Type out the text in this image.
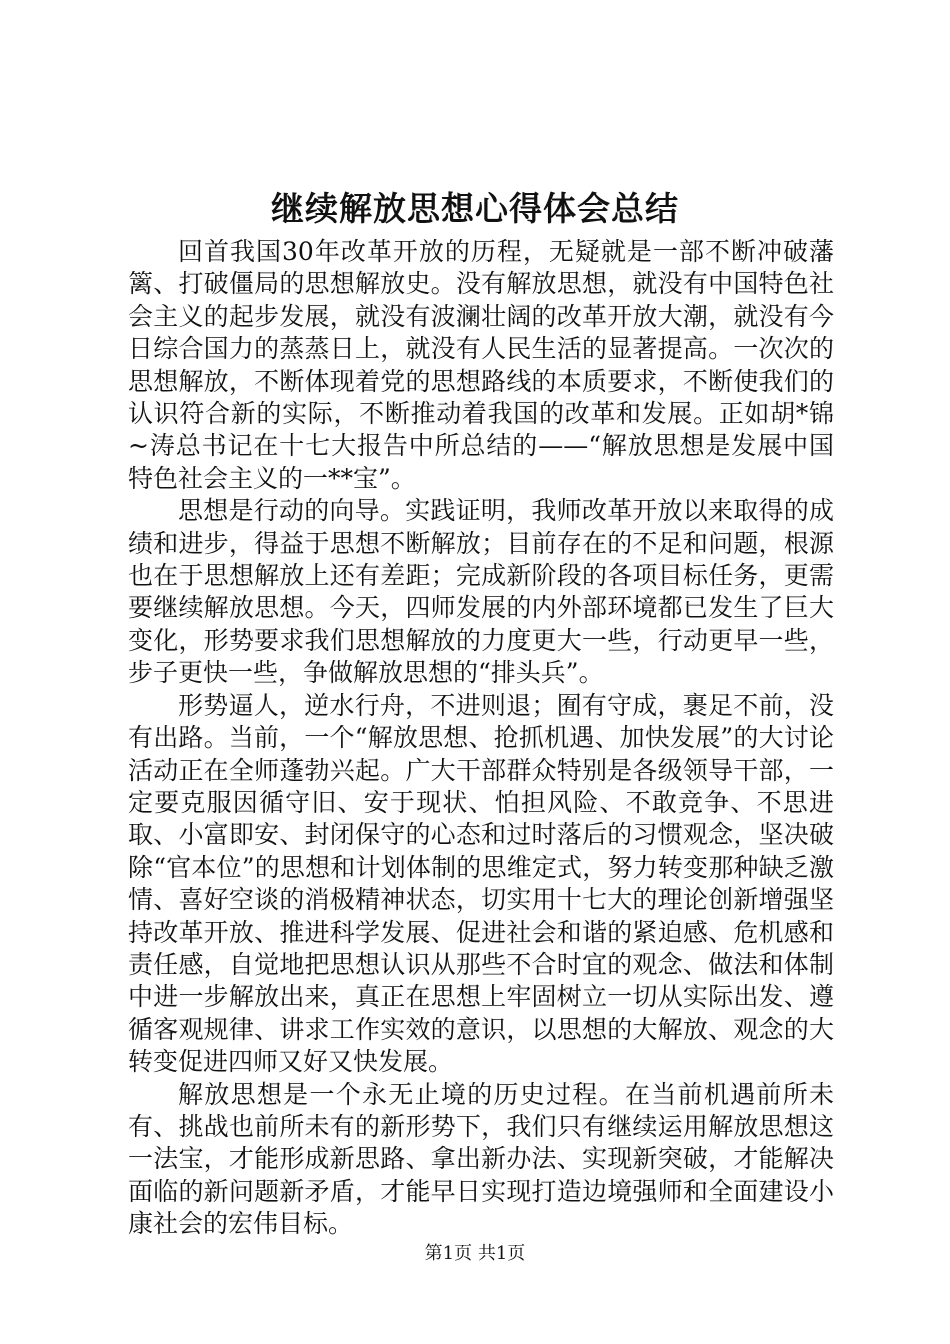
继续解放思想心得体会总结

回首我国30年改革开放的历程，无疑就是一部不断冲破藩篱、打破僵局的思想解放史。没有解放思想，就没有中国特色社会主义的起步发展，就没有波澜壮阔的改革开放大潮，就没有今日综合国力的蒸蒸日上，就没有人民生活的显著提高。一次次的思想解放，不断体现着党的思想路线的本质要求，不断使我们的认识符合新的实际，不断推动着我国的改革和发展。正如胡*锦~涛总书记在十七大报告中所总结的——“解放思想是发展中国特色社会主义的一**宝”。

思想是行动的向导。实践证明，我师改革开放以来取得的成绩和进步，得益于思想不断解放；目前存在的不足和问题，根源也在于思想解放上还有差距；完成新阶段的各项目标任务，更需要继续解放思想。今天，四师发展的内外部环境都已发生了巨大变化，形势要求我们思想解放的力度更大一些，行动更早一些，步子更快一些，争做解放思想的“排头兵”。

形势逼人，逆水行舟，不进则退；囿有守成，裹足不前，没有出路。当前，一个“解放思想、抢抓机遇、加快发展”的大讨论活动正在全师蓬勃兴起。广大干部群众特别是各级领导干部，一定要克服因循守旧、安于现状、怕担风险、不敢竞争、不思进取、小富即安、封闭保守的心态和过时落后的习惯观念，坚决破除“官本位”的思想和计划体制的思维定式，努力转变那种缺乏激情、喜好空谈的消极精神状态，切实用十七大的理论创新增强坚持改革开放、推进科学发展、促进社会和谐的紧迫感、危机感和责任感，自觉地把思想认识从那些不合时宜的观念、做法和体制中进一步解放出来，真正在思想上牢固树立一切从实际出发、遵循客观规律、讲求工作实效的意识，以思想的大解放、观念的大转变促进四师又好又快发展。

解放思想是一个永无止境的历史过程。在当前机遇前所未有、挑战也前所未有的新形势下，我们只有继续运用解放思想这一法宝，才能形成新思路、拿出新办法、实现新突破，才能解决面临的新问题新矛盾，才能早日实现打造边境强师和全面建设小康社会的宏伟目标。

第1页 共1页
